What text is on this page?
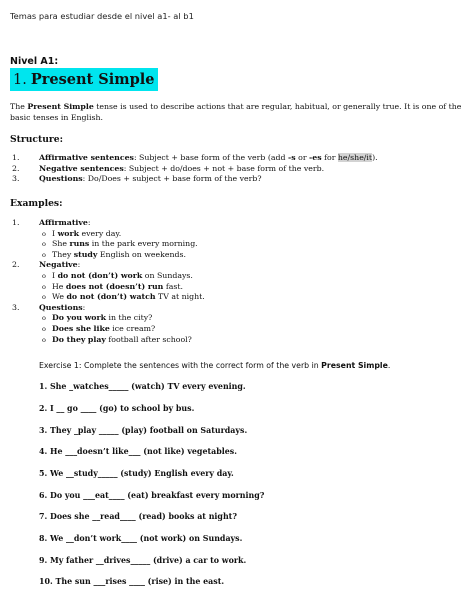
Temas para estudiar desde el nivel a1- al b1
Nivel A1:
1. Present Simple
The Present Simple tense is used to describe actions that are regular, habitual, or generally true. It is one of the basic tenses in English.
Structure:
1.	Affirmative sentences: Subject + base form of the verb (add -s or -es for he/she/it).
2.	Negative sentences: Subject + do/does + not + base form of the verb.
3.	Questions: Do/Does + subject + base form of the verb?
Examples:
1.	Affirmative:
o I work every day.
o She runs in the park every morning.
o They study English on weekends.
2.	Negative:
o I do not (don’t) work on Sundays.
o He does not (doesn’t) run fast.
o We do not (don’t) watch TV at night.
3.	Questions:
o Do you work in the city?
o Does she like ice cream?
o Do they play football after school?
Exercise 1: Complete the sentences with the correct form of the verb in Present Simple.
1. She _watches_____ (watch) TV every evening.
2. I __ go ____ (go) to school by bus.
3. They _play _____ (play) football on Saturdays.
4. He ___doesn’t like___ (not like) vegetables.
5. We __study_____ (study) English every day.
6. Do you ___eat____ (eat) breakfast every morning?
7. Does she __read____ (read) books at night?
8. We __don’t work____ (not work) on Sundays.
9. My father __drives_____ (drive) a car to work.
10. The sun ___rises ____ (rise) in the east.
